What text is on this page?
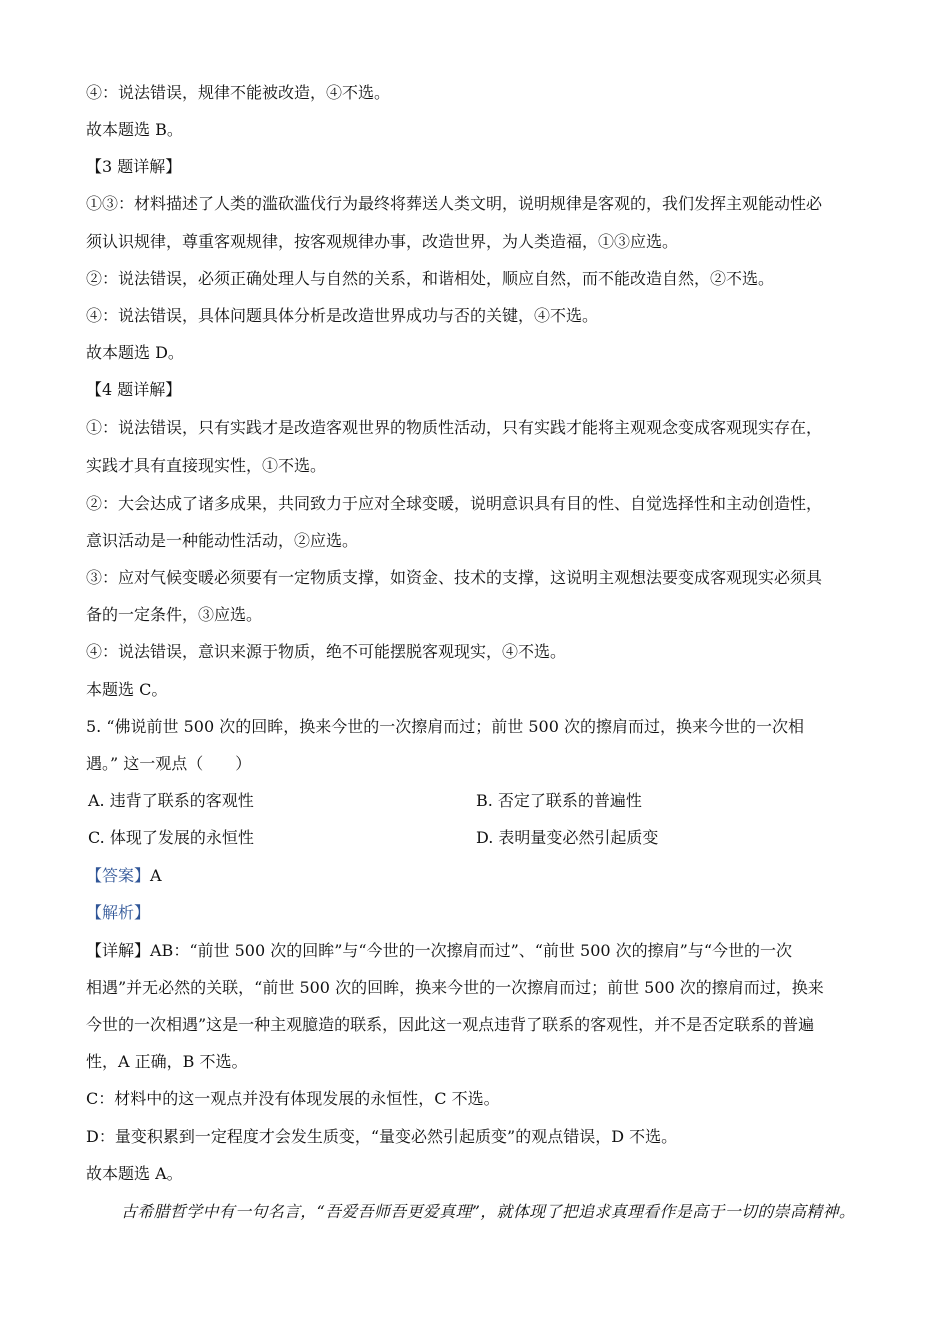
④：说法错误，规律不能被改造，④不选。
故本题选 B。
【3 题详解】
①③：材料描述了人类的滥砍滥伐行为最终将葬送人类文明，说明规律是客观的，我们发挥主观能动性必
须认识规律，尊重客观规律，按客观规律办事，改造世界，为人类造福，①③应选。
②：说法错误，必须正确处理人与自然的关系，和谐相处，顺应自然，而不能改造自然，②不选。
④：说法错误，具体问题具体分析是改造世界成功与否的关键，④不选。
故本题选 D。
【4 题详解】
①：说法错误，只有实践才是改造客观世界的物质性活动，只有实践才能将主观观念变成客观现实存在，
实践才具有直接现实性，①不选。
②：大会达成了诸多成果，共同致力于应对全球变暖，说明意识具有目的性、自觉选择性和主动创造性，
意识活动是一种能动性活动，②应选。
③：应对气候变暖必须要有一定物质支撑，如资金、技术的支撑，这说明主观想法要变成客观现实必须具
备的一定条件，③应选。
④：说法错误，意识来源于物质，绝不可能摆脱客观现实，④不选。
本题选 C。
5. “佛说前世 500 次的回眸，换来今世的一次擦肩而过；前世 500 次的擦肩而过，换来今世的一次相
遇。” 这一观点（　　）
A. 违背了联系的客观性	B. 否定了联系的普遍性
C. 体现了发展的永恒性	D. 表明量变必然引起质变
【答案】A
【解析】
【详解】AB：“前世 500 次的回眸”与“今世的一次擦肩而过”、“前世 500 次的擦肩”与“今世的一次
相遇”并无必然的关联，“前世 500 次的回眸，换来今世的一次擦肩而过；前世 500 次的擦肩而过，换来
今世的一次相遇”这是一种主观臆造的联系，因此这一观点违背了联系的客观性，并不是否定联系的普遍
性，A 正确，B 不选。
C：材料中的这一观点并没有体现发展的永恒性，C 不选。
D：量变积累到一定程度才会发生质变，“量变必然引起质变”的观点错误，D 不选。
故本题选 A。
古希腊哲学中有一句名言，“吾爱吾师吾更爱真理”，就体现了把追求真理看作是高于一切的崇高精神。
